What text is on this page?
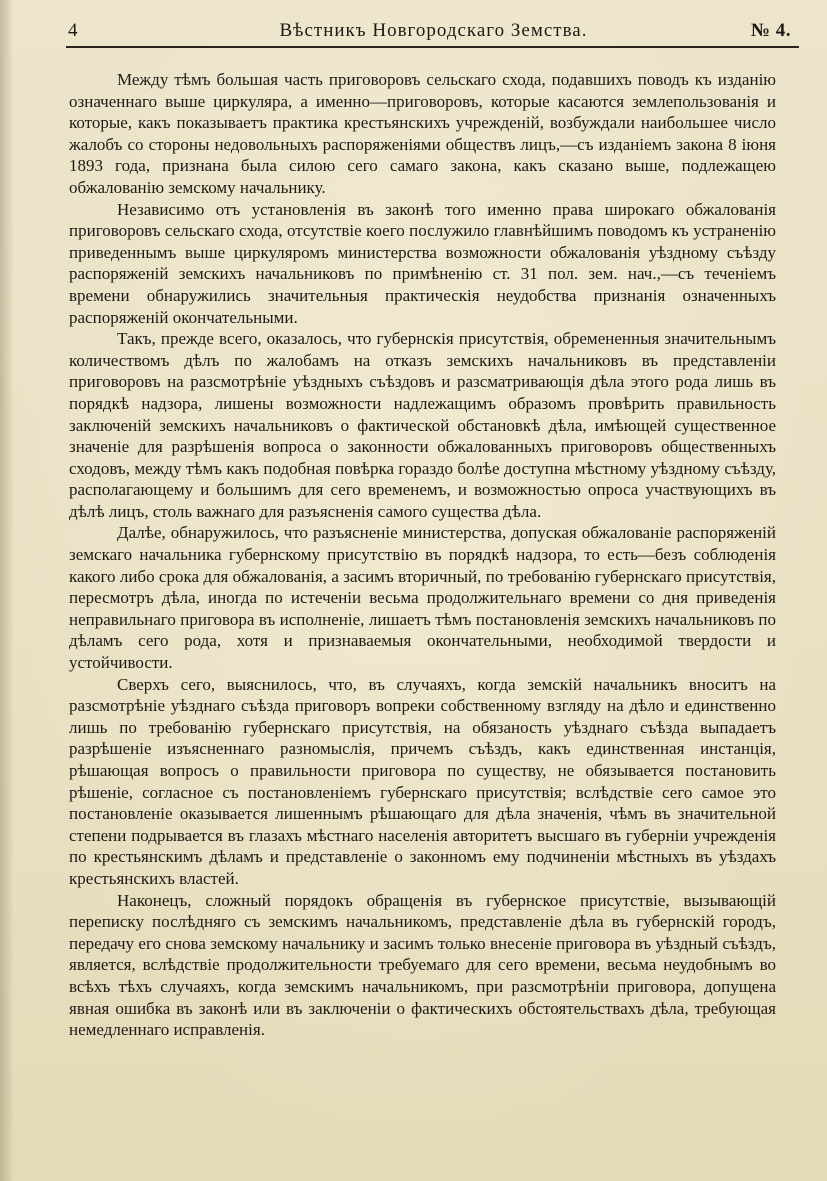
4	Вѣстникъ Новгородскаго Земства.	№ 4.

Между тѣмъ большая часть приговоровъ сельскаго схода, подавшихъ поводъ къ изданію означеннаго выше циркуляра, а именно—приговоровъ, которые касаются землепользованія и которые, какъ показываетъ практика крестьянскихъ учрежденій, возбуждали наибольшее число жалобъ со стороны недовольныхъ распоряженіями обществъ лицъ,—съ изданіемъ закона 8 іюня 1893 года, признана была силою сего самаго закона, какъ сказано выше, подлежащею обжалованію земскому начальнику.

Независимо отъ установленія въ законѣ того именно права широкаго обжалованія приговоровъ сельскаго схода, отсутствіе коего послужило главнѣйшимъ поводомъ къ устраненію приведеннымъ выше циркуляромъ министерства возможности обжалованія уѣздному съѣзду распоряженій земскихъ начальниковъ по примѣненію ст. 31 пол. зем. нач.,—съ теченіемъ времени обнаружились значительныя практическія неудобства признанія означенныхъ распоряженій окончательными.

Такъ, прежде всего, оказалось, что губернскія присутствія, обремененныя значительнымъ количествомъ дѣлъ по жалобамъ на отказъ земскихъ начальниковъ въ представленіи приговоровъ на разсмотрѣніе уѣздныхъ съѣздовъ и разсматривающія дѣла этого рода лишь въ порядкѣ надзора, лишены возможности надлежащимъ образомъ провѣрить правильность заключеній земскихъ начальниковъ о фактической обстановкѣ дѣла, имѣющей существенное значеніе для разрѣшенія вопроса о законности обжалованныхъ приговоровъ общественныхъ сходовъ, между тѣмъ какъ подобная повѣрка гораздо болѣе доступна мѣстному уѣздному съѣзду, располагающему и большимъ для сего временемъ, и возможностью опроса участвующихъ въ дѣлѣ лицъ, столь важнаго для разъясненія самого существа дѣла.

Далѣе, обнаружилось, что разъясненіе министерства, допуская обжалованіе распоряженій земскаго начальника губернскому присутствію въ порядкѣ надзора, то есть—безъ соблюденія какого либо срока для обжалованія, а засимъ вторичный, по требованію губернскаго присутствія, пересмотръ дѣла, иногда по истеченіи весьма продолжительнаго времени со дня приведенія неправильнаго приговора въ исполненіе, лишаетъ тѣмъ постановленія земскихъ начальниковъ по дѣламъ сего рода, хотя и признаваемыя окончательными, необходимой твердости и устойчивости.

Сверхъ сего, выяснилось, что, въ случаяхъ, когда земскій начальникъ вноситъ на разсмотрѣніе уѣзднаго съѣзда приговоръ вопреки собственному взгляду на дѣло и единственно лишь по требованію губернскаго присутствія, на обязаность уѣзднаго съѣзда выпадаетъ разрѣшеніе изъясненнаго разномыслія, причемъ съѣздъ, какъ единственная инстанція, рѣшающая вопросъ о правильности приговора по существу, не обязывается постановить рѣшеніе, согласное съ постановленіемъ губернскаго присутствія; вслѣдствіе сего самое это постановленіе оказывается лишеннымъ рѣшающаго для дѣла значенія, чѣмъ въ значительной степени подрывается въ глазахъ мѣстнаго населенія авторитетъ высшаго въ губерніи учрежденія по крестьянскимъ дѣламъ и представленіе о законномъ ему подчиненіи мѣстныхъ въ уѣздахъ крестьянскихъ властей.

Наконецъ, сложный порядокъ обращенія въ губернское присутствіе, вызывающій переписку послѣдняго съ земскимъ начальникомъ, представленіе дѣла въ губернскій городъ, передачу его снова земскому начальнику и засимъ только внесеніе приговора въ уѣздный съѣздъ, является, вслѣдствіе продолжительности требуемаго для сего времени, весьма неудобнымъ во всѣхъ тѣхъ случаяхъ, когда земскимъ начальникомъ, при разсмотрѣніи приговора, допущена явная ошибка въ законѣ или въ заключеніи о фактическихъ обстоятельствахъ дѣла, требующая немедленнаго исправленія.
